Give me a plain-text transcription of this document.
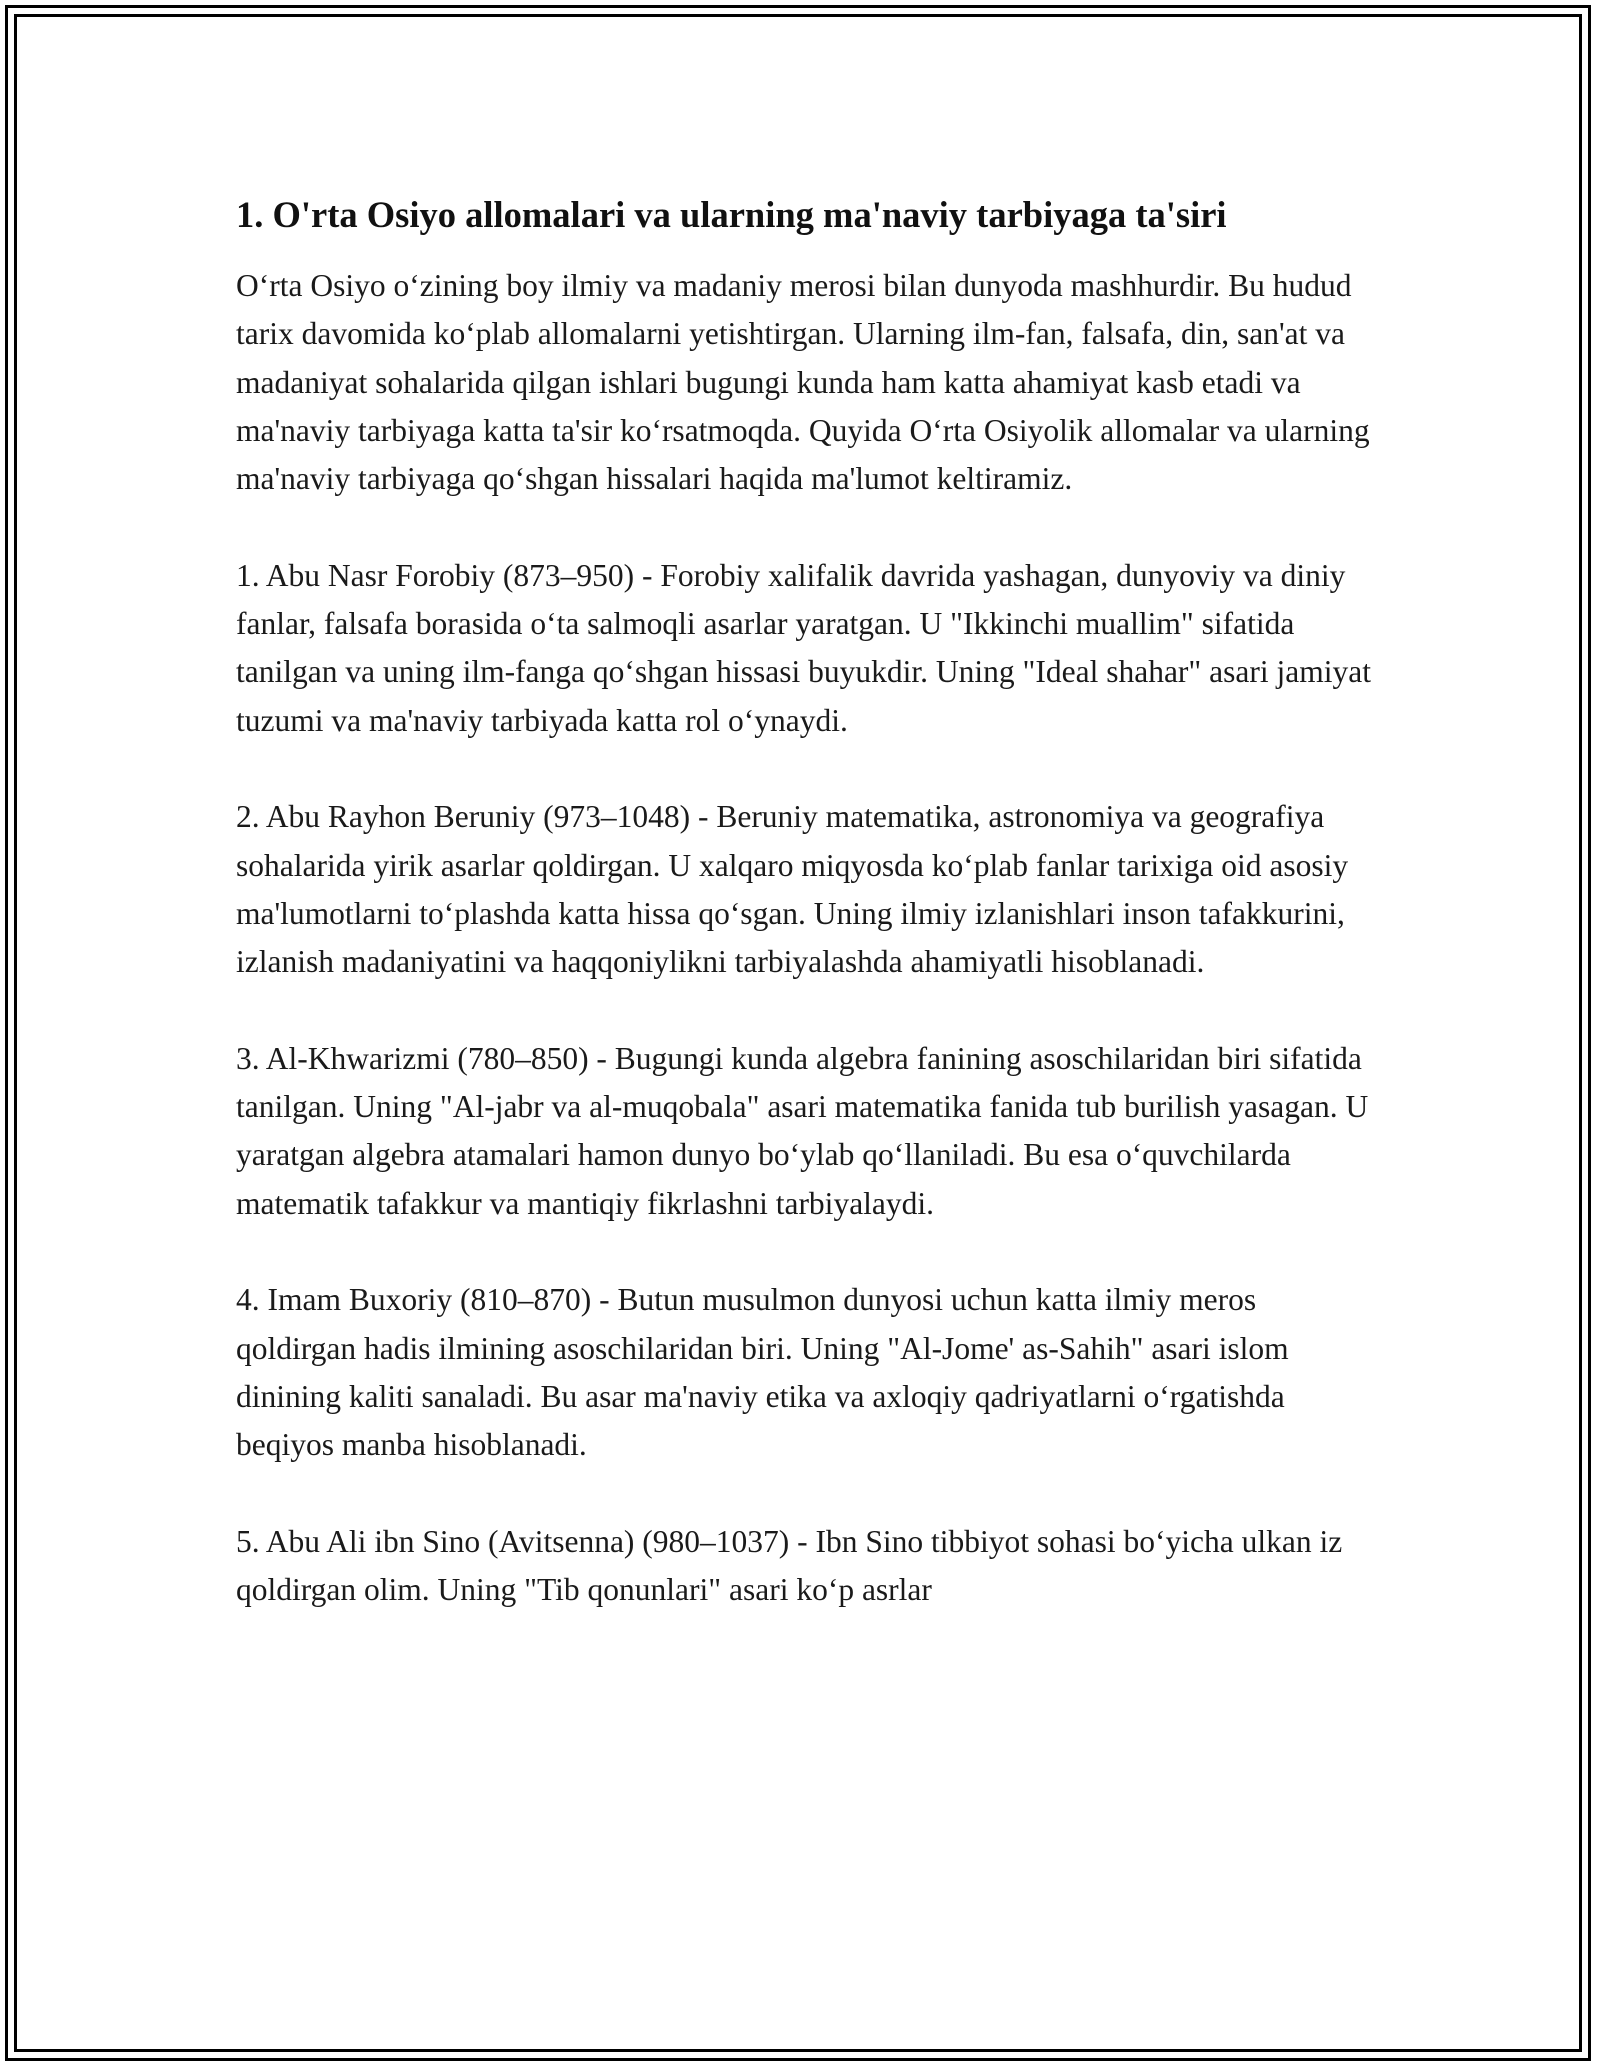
1. O'rta Osiyo allomalari va ularning ma'naviy tarbiyaga ta'siri

O‘rta Osiyo o‘zining boy ilmiy va madaniy merosi bilan dunyoda mashhurdir. Bu hudud tarix davomida ko‘plab allomalarni yetishtirgan. Ularning ilm-fan, falsafa, din, san'at va madaniyat sohalarida qilgan ishlari bugungi kunda ham katta ahamiyat kasb etadi va ma'naviy tarbiyaga katta ta'sir ko‘rsatmoqda. Quyida O‘rta Osiyolik allomalar va ularning ma'naviy tarbiyaga qo‘shgan hissalari haqida ma'lumot keltiramiz.

1. Abu Nasr Forobiy (873–950) - Forobiy xalifalik davrida yashagan, dunyoviy va diniy fanlar, falsafa borasida o‘ta salmoqli asarlar yaratgan. U "Ikkinchi muallim" sifatida tanilgan va uning ilm-fanga qo‘shgan hissasi buyukdir. Uning "Ideal shahar" asari jamiyat tuzumi va ma'naviy tarbiyada katta rol o‘ynaydi.

2. Abu Rayhon Beruniy (973–1048) - Beruniy matematika, astronomiya va geografiya sohalarida yirik asarlar qoldirgan. U xalqaro miqyosda ko‘plab fanlar tarixiga oid asosiy ma'lumotlarni to‘plashda katta hissa qo‘sgan. Uning ilmiy izlanishlari inson tafakkurini, izlanish madaniyatini va haqqoniylikni tarbiyalashda ahamiyatli hisoblanadi.

3. Al-Khwarizmi (780–850) - Bugungi kunda algebra fanining asoschilaridan biri sifatida tanilgan. Uning "Al-jabr va al-muqobala" asari matematika fanida tub burilish yasagan. U yaratgan algebra atamalari hamon dunyo bo‘ylab qo‘llaniladi. Bu esa o‘quvchilarda matematik tafakkur va mantiqiy fikrlashni tarbiyalaydi.

4. Imam Buxoriy (810–870) - Butun musulmon dunyosi uchun katta ilmiy meros qoldirgan hadis ilmining asoschilaridan biri. Uning "Al-Jome' as-Sahih" asari islom dinining kaliti sanaladi. Bu asar ma'naviy etika va axloqiy qadriyatlarni o‘rgatishda beqiyos manba hisoblanadi.

5. Abu Ali ibn Sino (Avitsenna) (980–1037) - Ibn Sino tibbiyot sohasi bo‘yicha ulkan iz qoldirgan olim. Uning "Tib qonunlari" asari ko‘p asrlar
